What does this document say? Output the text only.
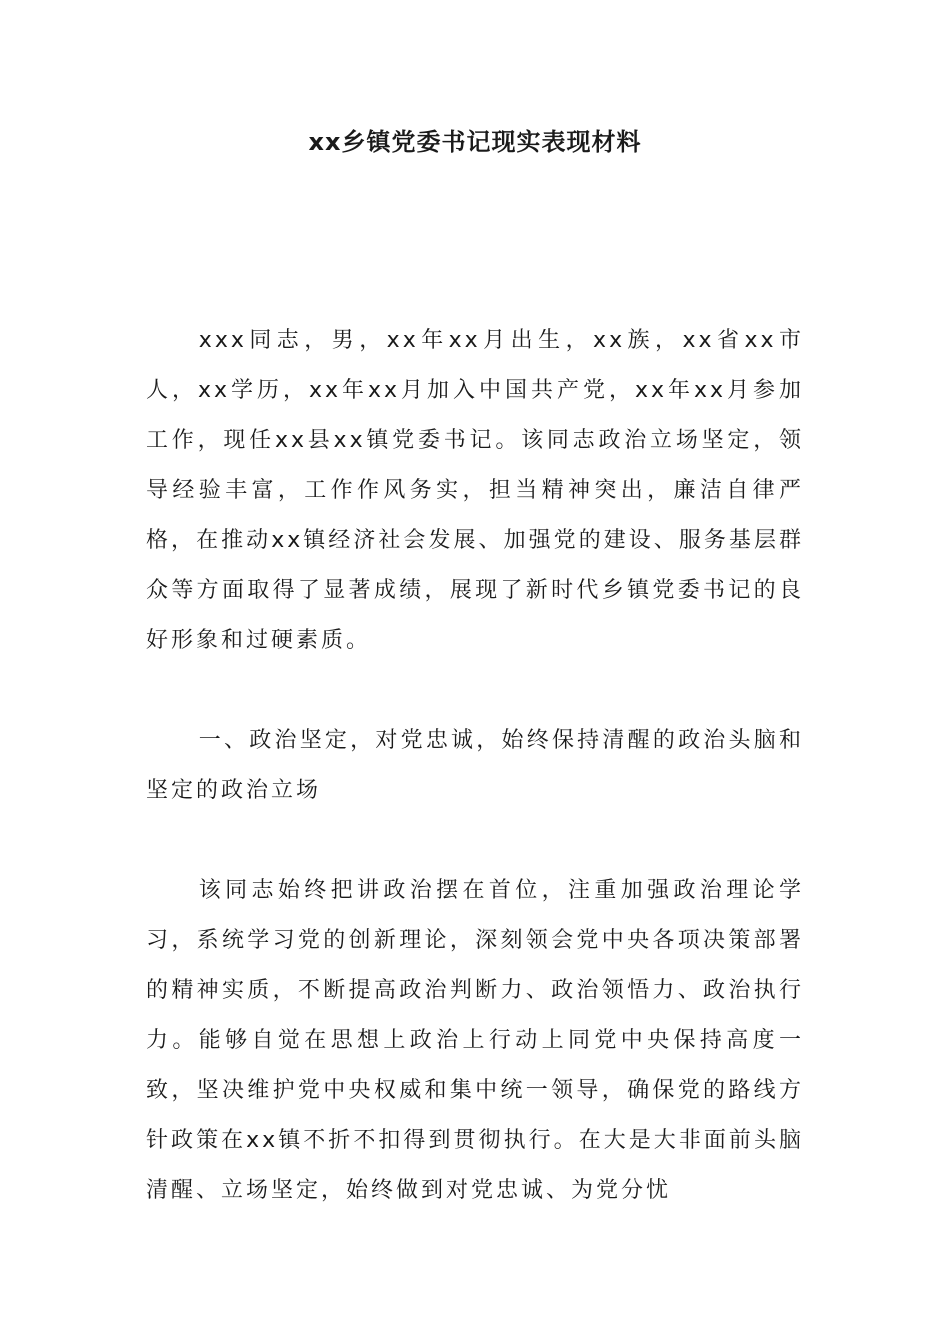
xx乡镇党委书记现实表现材料

xxx同志，男，xx年xx月出生，xx族，xx省xx市人，xx学历，xx年xx月加入中国共产党，xx年xx月参加工作，现任xx县xx镇党委书记。该同志政治立场坚定，领导经验丰富，工作作风务实，担当精神突出，廉洁自律严格，在推动xx镇经济社会发展、加强党的建设、服务基层群众等方面取得了显著成绩，展现了新时代乡镇党委书记的良好形象和过硬素质。

一、政治坚定，对党忠诚，始终保持清醒的政治头脑和坚定的政治立场

该同志始终把讲政治摆在首位，注重加强政治理论学习，系统学习党的创新理论，深刻领会党中央各项决策部署的精神实质，不断提高政治判断力、政治领悟力、政治执行力。能够自觉在思想上政治上行动上同党中央保持高度一致，坚决维护党中央权威和集中统一领导，确保党的路线方针政策在xx镇不折不扣得到贯彻执行。在大是大非面前头脑清醒、立场坚定，始终做到对党忠诚、为党分忧
